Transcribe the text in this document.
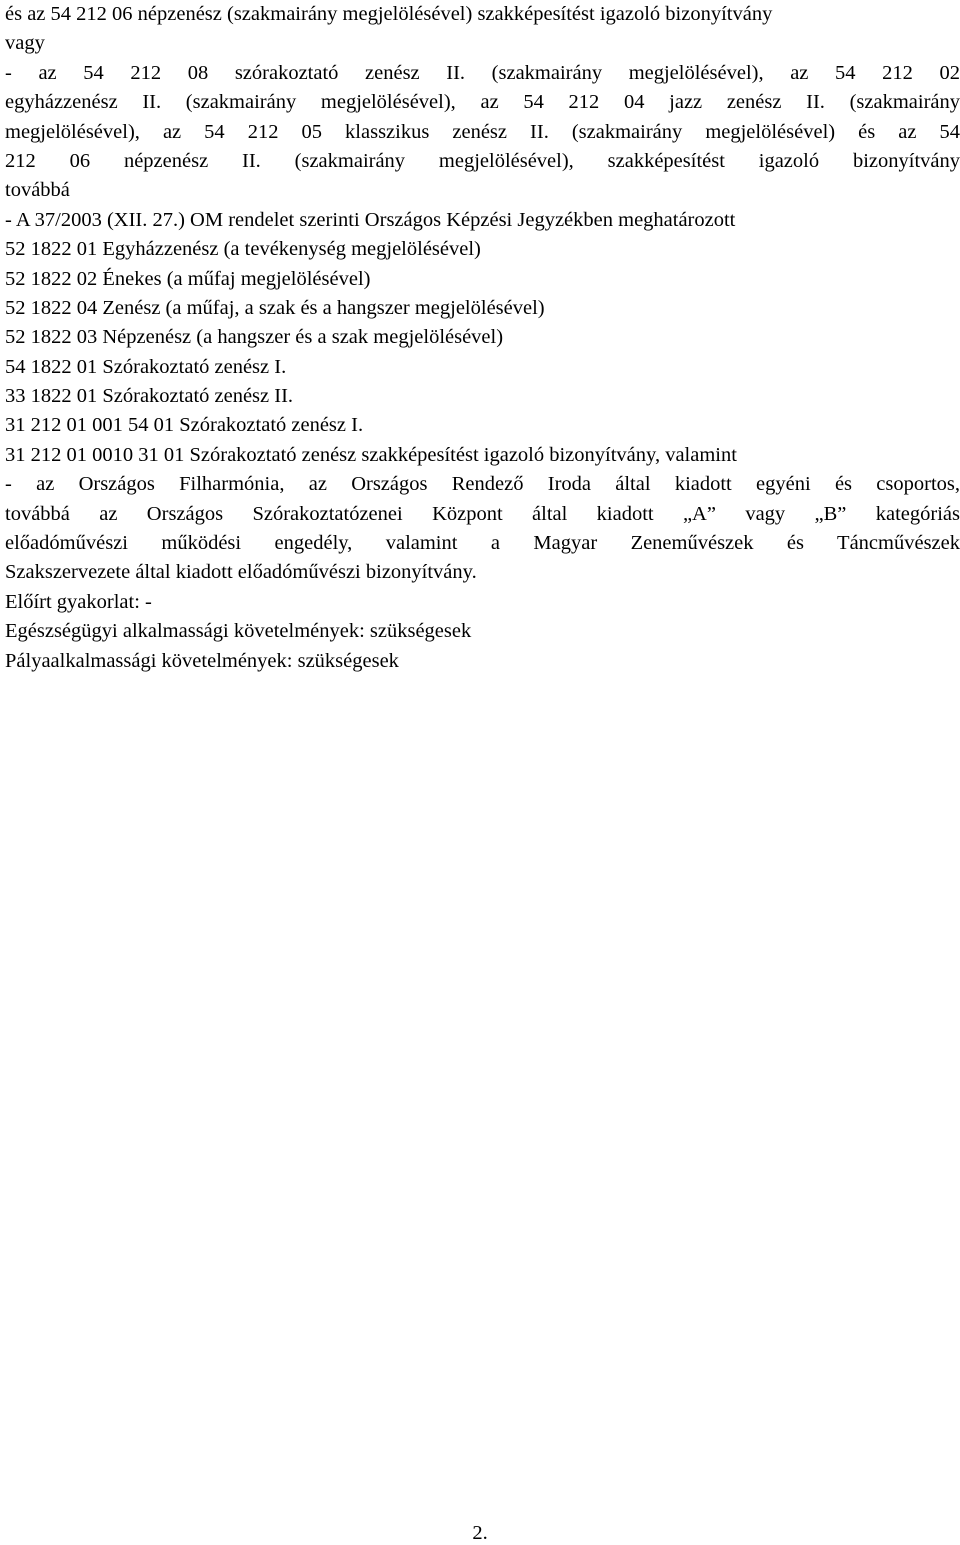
és az 54 212 06 népzenész (szakmairány megjelölésével) szakképesítést igazoló bizonyítvány
vagy
- az 54 212 08 szórakoztató zenész II. (szakmairány megjelölésével), az 54 212 02
egyházzenész II. (szakmairány megjelölésével), az 54 212 04 jazz zenész II. (szakmairány
megjelölésével), az 54 212 05 klasszikus zenész II. (szakmairány megjelölésével) és az 54
212 06 népzenész II. (szakmairány megjelölésével), szakképesítést igazoló bizonyítvány
továbbá
- A 37/2003 (XII. 27.) OM rendelet szerinti Országos Képzési Jegyzékben meghatározott
52 1822 01 Egyházzenész (a tevékenység megjelölésével)
52 1822 02 Énekes (a műfaj megjelölésével)
52 1822 04 Zenész (a műfaj, a szak és a hangszer megjelölésével)
52 1822 03 Népzenész (a hangszer és a szak megjelölésével)
54 1822 01 Szórakoztató zenész I.
33 1822 01 Szórakoztató zenész II.
31 212 01 001 54 01 Szórakoztató zenész I.
31 212 01 0010 31 01 Szórakoztató zenész szakképesítést igazoló bizonyítvány, valamint
- az Országos Filharmónia, az Országos Rendező Iroda által kiadott egyéni és csoportos,
továbbá az Országos Szórakoztatózenei Központ által kiadott „A” vagy „B” kategóriás
előadóművészi működési engedély, valamint a Magyar Zeneművészek és Táncművészek
Szakszervezete által kiadott előadóművészi bizonyítvány.
Előírt gyakorlat: -
Egészségügyi alkalmassági követelmények: szükségesek
Pályaalkalmassági követelmények: szükségesek
2.
